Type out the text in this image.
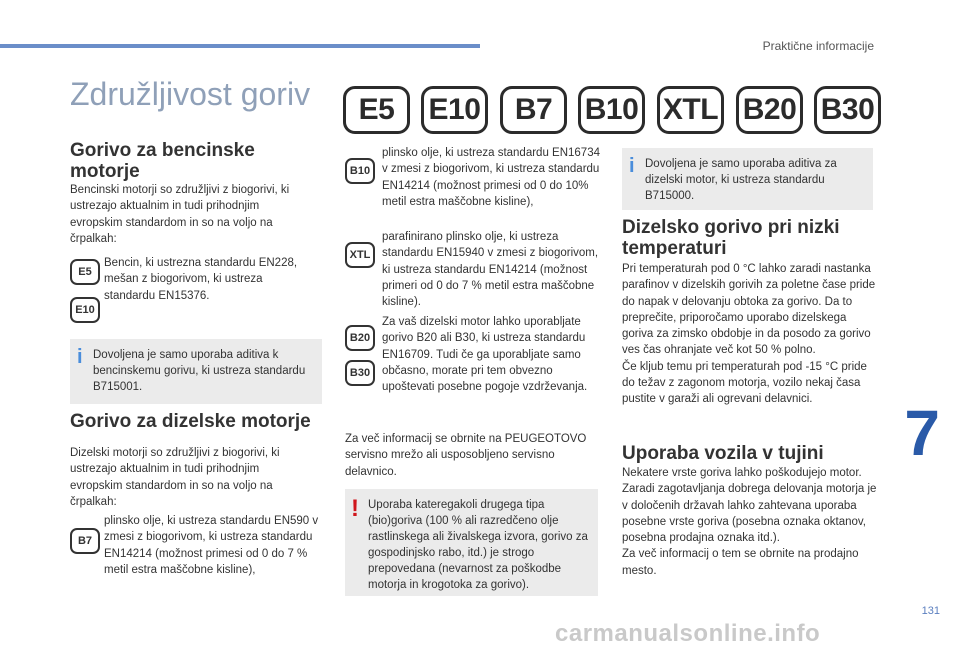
Praktične informacije
7
131
Združljivost goriv	E5	E10	B7	B10 XTL B20 B30
Gorivo za bencinske motorje
Bencinski motorji so združljivi z biogorivi, ki ustrezajo aktualnim in tudi prihodnjim evropskim standardom in so na voljo na črpalkah:
E5
E10
Bencin, ki ustrezna standardu EN228, mešan z biogorivom, ki ustreza standardu EN15376.
i Dovoljena je samo uporaba aditiva k bencinskemu gorivu, ki ustreza standardu B715001.
Gorivo za dizelske motorje
Dizelski motorji so združljivi z biogorivi, ki ustrezajo aktualnim in tudi prihodnjim evropskim standardom in so na voljo na črpalkah:
B7
plinsko olje, ki ustreza standardu EN590 v zmesi z biogorivom, ki ustreza standardu EN14214 (možnost primesi od 0 do 7 % metil estra maščobne kisline),
B10
plinsko olje, ki ustreza standardu EN16734 v zmesi z biogorivom, ki ustreza standardu EN14214 (možnost primesi od 0 do 10% metil estra maščobne kisline),
XTL
parafinirano plinsko olje, ki ustreza standardu EN15940 v zmesi z biogorivom, ki ustreza standardu EN14214 (možnost primeri od 0 do 7 % metil estra maščobne kisline).
B20
B30
Za vaš dizelski motor lahko uporabljate gorivo B20 ali B30, ki ustreza standardu EN16709. Tudi če ga uporabljate samo občasno, morate pri tem obvezno upoštevati posebne pogoje vzdrževanja.
Za več informacij se obrnite na PEUGEOTOVO servisno mrežo ali usposobljeno servisno delavnico.
! Uporaba kateregakoli drugega tipa (bio)goriva (100 % ali razredčeno olje rastlinskega ali živalskega izvora, gorivo za gospodinjsko rabo, itd.) je strogo prepovedana (nevarnost za poškodbe motorja in krogotoka za gorivo).
i Dovoljena je samo uporaba aditiva za dizelski motor, ki ustreza standardu B715000.
Dizelsko gorivo pri nizki temperaturi
Pri temperaturah pod 0 °C lahko zaradi nastanka parafinov v dizelskih gorivih za poletne čase pride do napak v delovanju obtoka za gorivo. Da to preprečite, priporočamo uporabo dizelskega goriva za zimsko obdobje in da posodo za gorivo ves čas ohranjate več kot 50 % polno.
Če kljub temu pri temperaturah pod -15 °C pride do težav z zagonom motorja, vozilo nekaj časa pustite v garaži ali ogrevani delavnici.
Uporaba vozila v tujini
Nekatere vrste goriva lahko poškodujejo motor. Zaradi zagotavljanja dobrega delovanja motorja je v določenih državah lahko zahtevana uporaba posebne vrste goriva (posebna oznaka oktanov, posebna prodajna oznaka itd.).
Za več informacij o tem se obrnite na prodajno mesto.
carmanualsonline.info
